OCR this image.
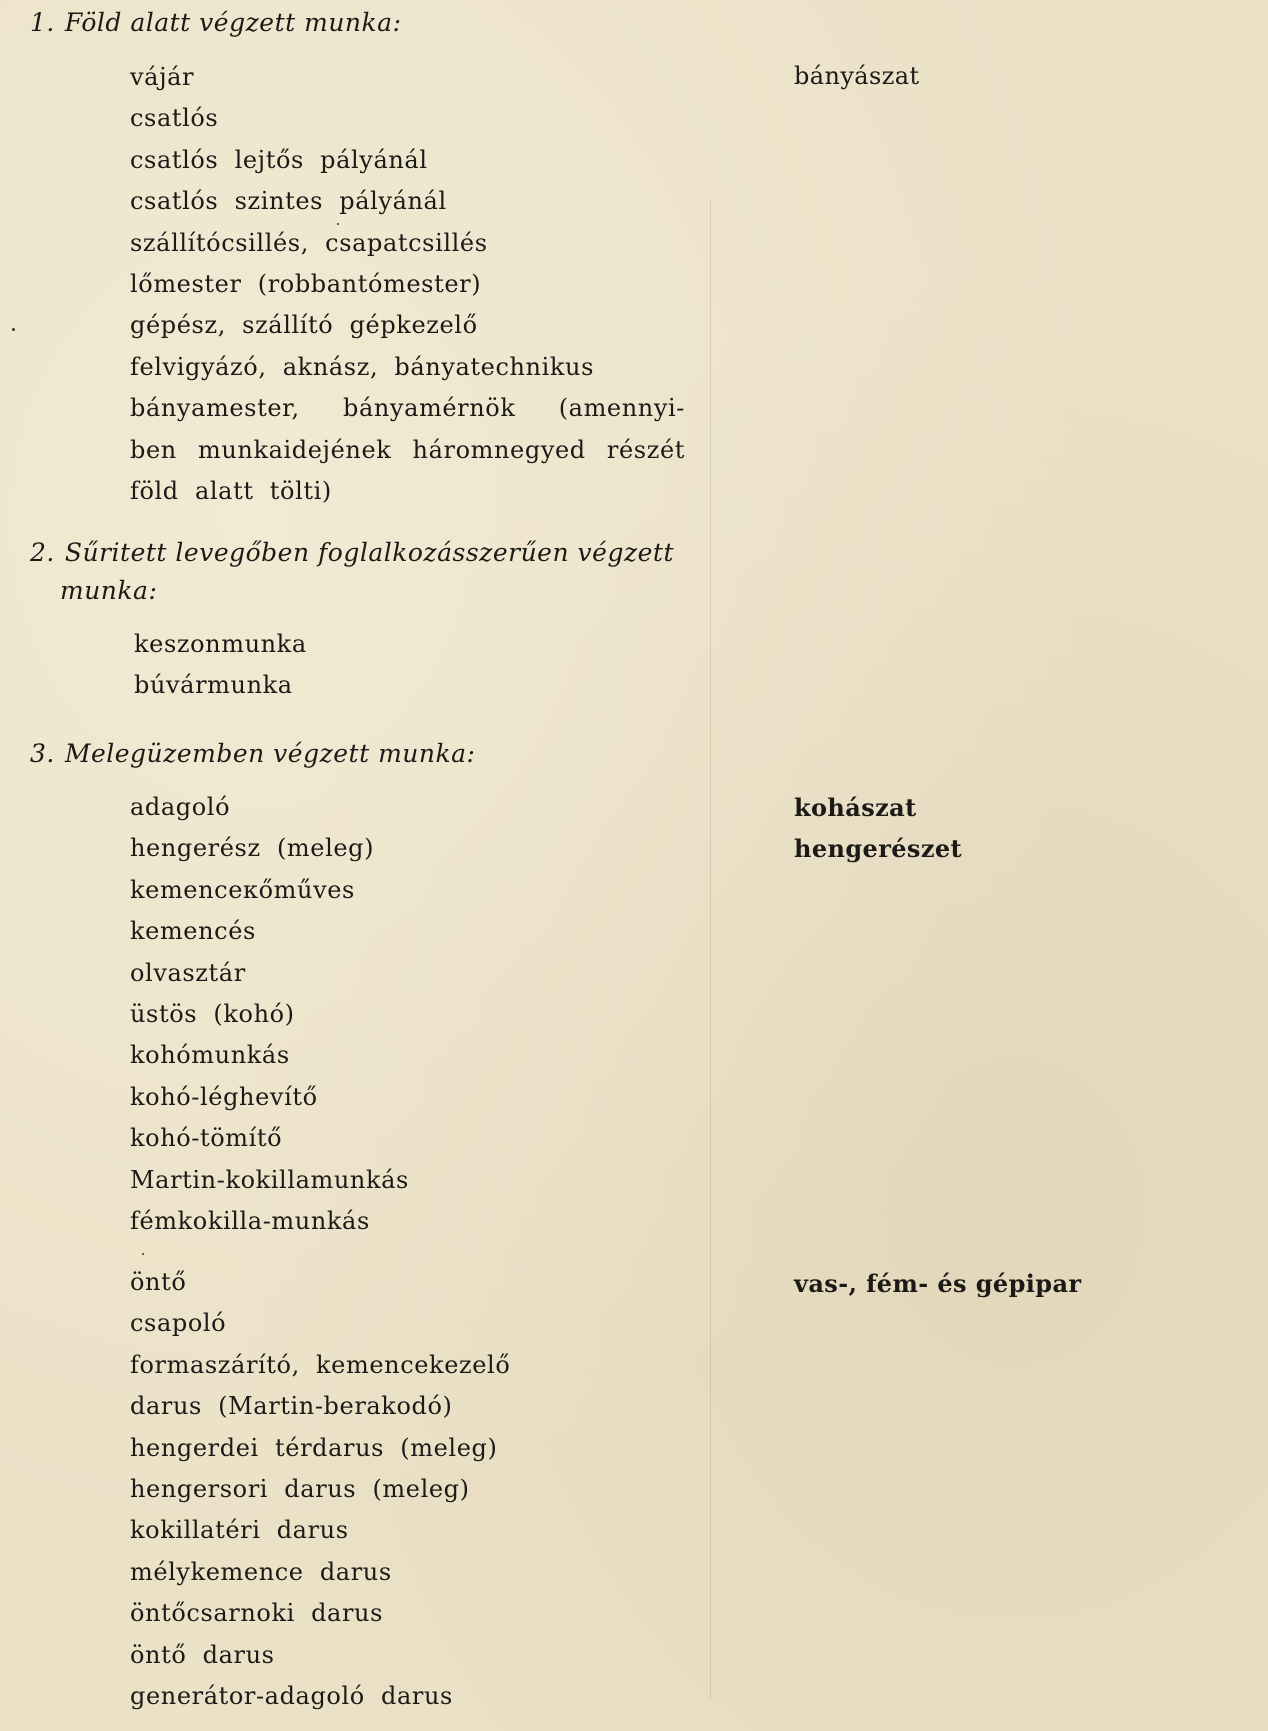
1. Föld alatt végzett munka:
vájár
csatlós
csatlós lejtős pályánál
csatlós szintes pályánál
szállítócsillés, csapatcsillés
lőmester (robbantómester)
gépész, szállító gépkezelő
felvigyázó, aknász, bányatechnikus
bányamester, bányamérnök (amennyi-
ben munkaidejének háromnegyed részét
föld alatt tölti)
bányászat
2. Sűritett levegőben foglalkozásszerűen végzett
munka:
keszonmunka
búvármunka
3. Melegüzemben végzett munka:
adagoló
hengerész (meleg)
kemenceкőműves
kemencés
olvasztár
üstös (kohó)
kohómunkás
kohó-léghevítő
kohó-tömítő
Martin-kokillamunkás
fémkokilla-munkás
kohászat
hengerészet
öntő
csapoló
formaszárító, kemencekezelő
darus (Martin-berakodó)
hengerdei térdarus (meleg)
hengersori darus (meleg)
kokillatéri darus
mélykemence darus
öntőcsarnoki darus
öntő darus
generátor-adagoló darus
vas-, fém- és gépipar
